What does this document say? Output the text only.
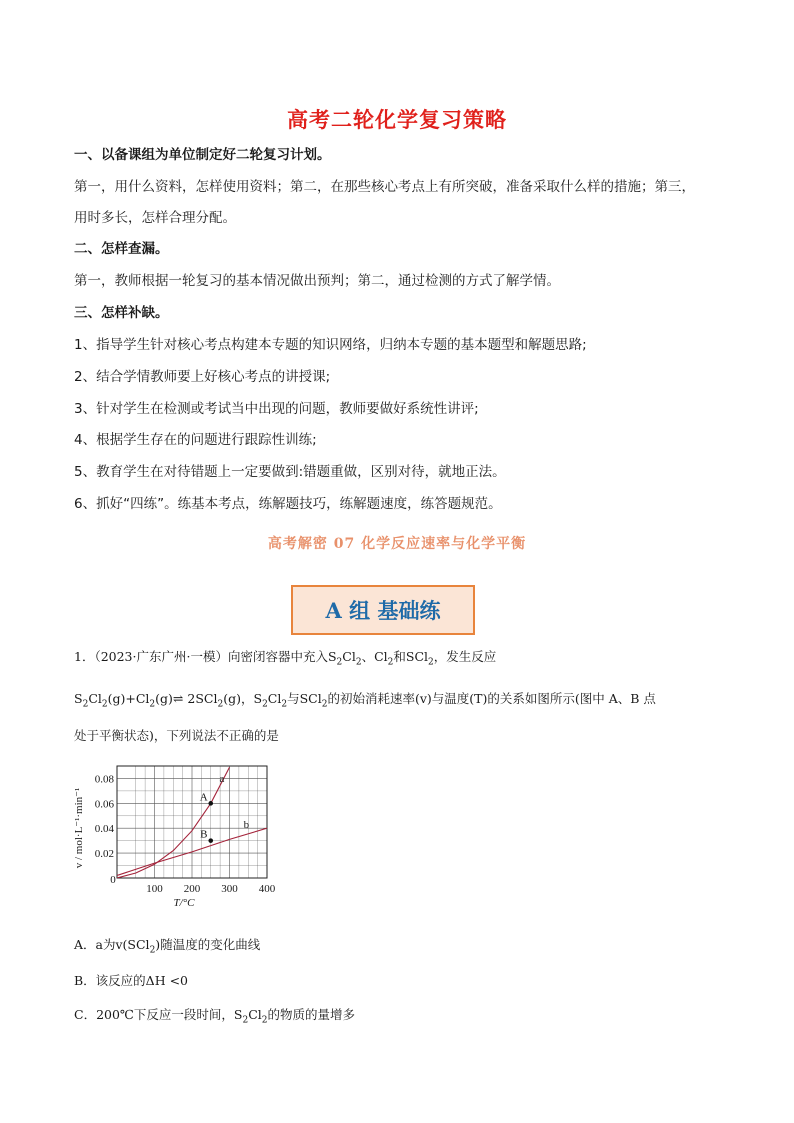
高考二轮化学复习策略
一、以备课组为单位制定好二轮复习计划。
第一，用什么资料，怎样使用资料；第二，在那些核心考点上有所突破，准备采取什么样的措施；第三，
用时多长，怎样合理分配。
二、怎样查漏。
第一，教师根据一轮复习的基本情况做出预判；第二，通过检测的方式了解学情。
三、怎样补缺。
1、指导学生针对核心考点构建本专题的知识网络，归纳本专题的基本题型和解题思路;
2、结合学情教师要上好核心考点的讲授课;
3、针对学生在检测或考试当中出现的问题，教师要做好系统性讲评;
4、根据学生存在的问题进行跟踪性训练;
5、教育学生在对待错题上一定要做到:错题重做，区别对待，就地正法。
6、抓好“四练”。练基本考点，练解题技巧，练解题速度，练答题规范。
高考解密 07 化学反应速率与化学平衡
A 组 基础练
1．（2023·广东广州·一模）向密闭容器中充入$S_2Cl_2$、$Cl_2$和SCl$_2$，发生反应
$S_2Cl_2(g)+Cl_2(g)\rightleftharpoons$ 2SCl$_2$(g)，$S_2Cl_2$与SCl$_2$的初始消耗速率(v)与温度(T)的关系如图所示(图中 A、B 点
处于平衡状态)，下列说法不正确的是
100 200 300 400
0
0.02
0.04
0.06
0.08
T/°C
v / mol·L⁻¹·min⁻¹
a
b
A
B
A．a为v(SCl$_2$)随温度的变化曲线
B．该反应的ΔH <0
C．200℃下反应一段时间，$S_2Cl_2$的物质的量增多
